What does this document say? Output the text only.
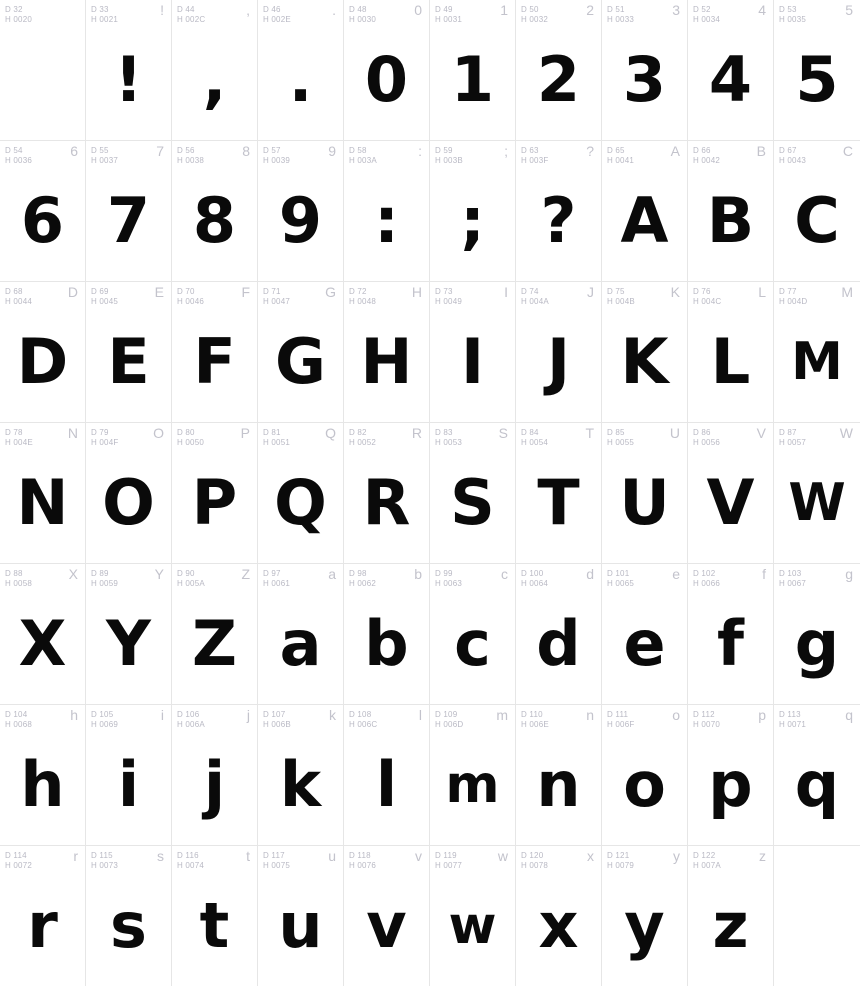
D 32
H 0020
D 33
H 0021
!
!
D 44
H 002C
,
,
D 46
H 002E
.
.
D 48
H 0030
0
0
D 49
H 0031
1
1
D 50
H 0032
2
2
D 51
H 0033
3
3
D 52
H 0034
4
4
D 53
H 0035
5
5
D 54
H 0036
6
6
D 55
H 0037
7
7
D 56
H 0038
8
8
D 57
H 0039
9
9
D 58
H 003A
:
:
D 59
H 003B
;
;
D 63
H 003F
?
?
D 65
H 0041
A
A
D 66
H 0042
B
B
D 67
H 0043
C
C
D 68
H 0044
D
D
D 69
H 0045
E
E
D 70
H 0046
F
F
D 71
H 0047
G
G
D 72
H 0048
H
H
D 73
H 0049
I
I
D 74
H 004A
J
J
D 75
H 004B
K
K
D 76
H 004C
L
L
D 77
H 004D
M
M
D 78
H 004E
N
N
D 79
H 004F
O
O
D 80
H 0050
P
P
D 81
H 0051
Q
Q
D 82
H 0052
R
R
D 83
H 0053
S
S
D 84
H 0054
T
T
D 85
H 0055
U
U
D 86
H 0056
V
V
D 87
H 0057
W
W
D 88
H 0058
X
X
D 89
H 0059
Y
Y
D 90
H 005A
Z
Z
D 97
H 0061
a
a
D 98
H 0062
b
b
D 99
H 0063
c
c
D 100
H 0064
d
d
D 101
H 0065
e
e
D 102
H 0066
f
f
D 103
H 0067
g
g
D 104
H 0068
h
h
D 105
H 0069
i
i
D 106
H 006A
j
j
D 107
H 006B
k
k
D 108
H 006C
l
l
D 109
H 006D
m
m
D 110
H 006E
n
n
D 111
H 006F
o
o
D 112
H 0070
p
p
D 113
H 0071
q
q
D 114
H 0072
r
r
D 115
H 0073
s
s
D 116
H 0074
t
t
D 117
H 0075
u
u
D 118
H 0076
v
v
D 119
H 0077
w
w
D 120
H 0078
x
x
D 121
H 0079
y
y
D 122
H 007A
z
z
